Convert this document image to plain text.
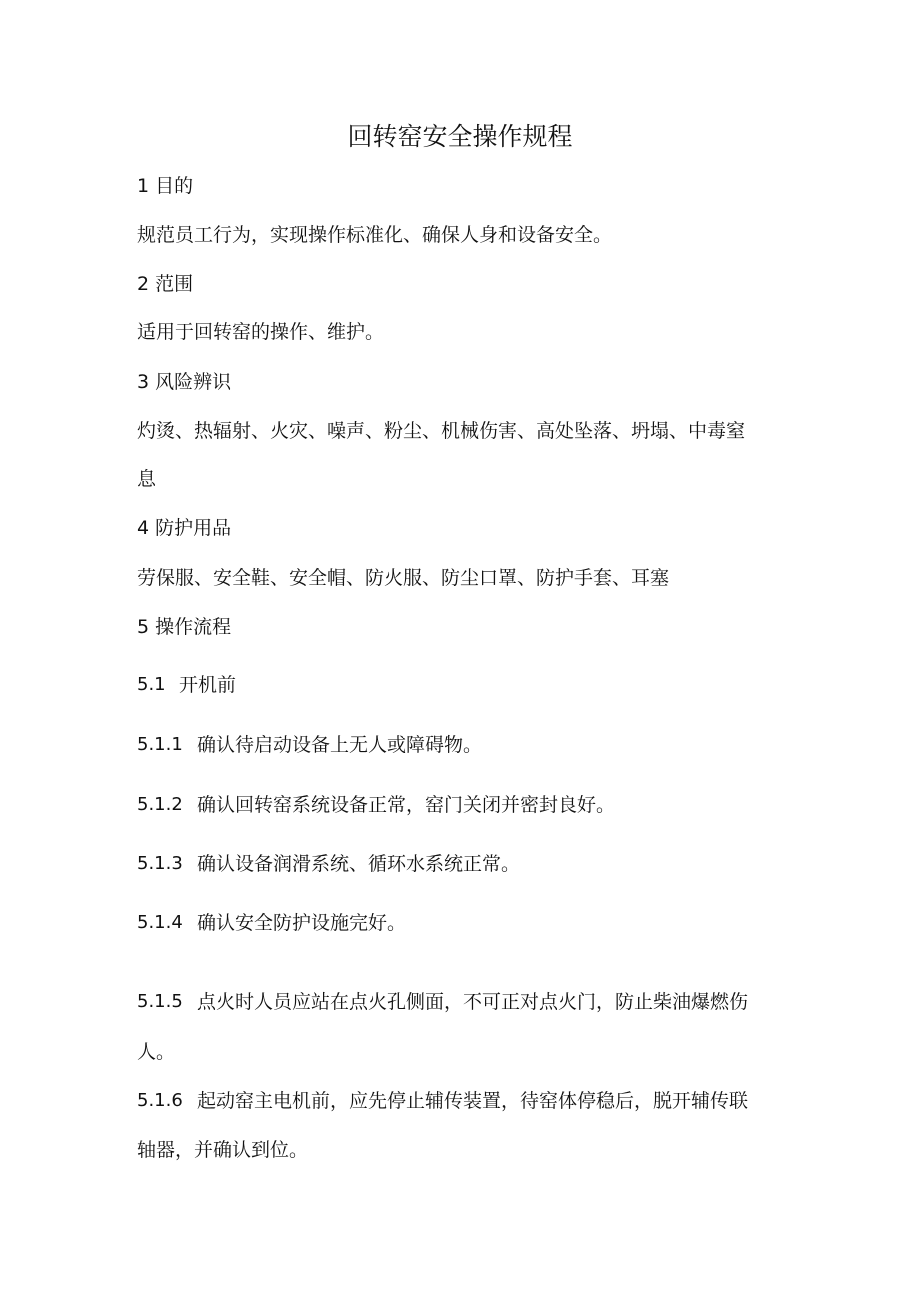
回转窑安全操作规程
1 目的
规范员工行为，实现操作标准化、确保人身和设备安全。
2 范围
适用于回转窑的操作、维护。
3 风险辨识
灼烫、热辐射、火灾、噪声、粉尘、机械伤害、高处坠落、坍塌、中毒窒
息
4 防护用品
劳保服、安全鞋、安全帽、防火服、防尘口罩、防护手套、耳塞
5 操作流程
5.1 开机前
5.1.1 确认待启动设备上无人或障碍物。
5.1.2 确认回转窑系统设备正常，窑门关闭并密封良好。
5.1.3 确认设备润滑系统、循环水系统正常。
5.1.4 确认安全防护设施完好。
5.1.5 点火时人员应站在点火孔侧面，不可正对点火门，防止柴油爆燃伤
人。
5.1.6 起动窑主电机前，应先停止辅传装置，待窑体停稳后，脱开辅传联
轴器，并确认到位。
